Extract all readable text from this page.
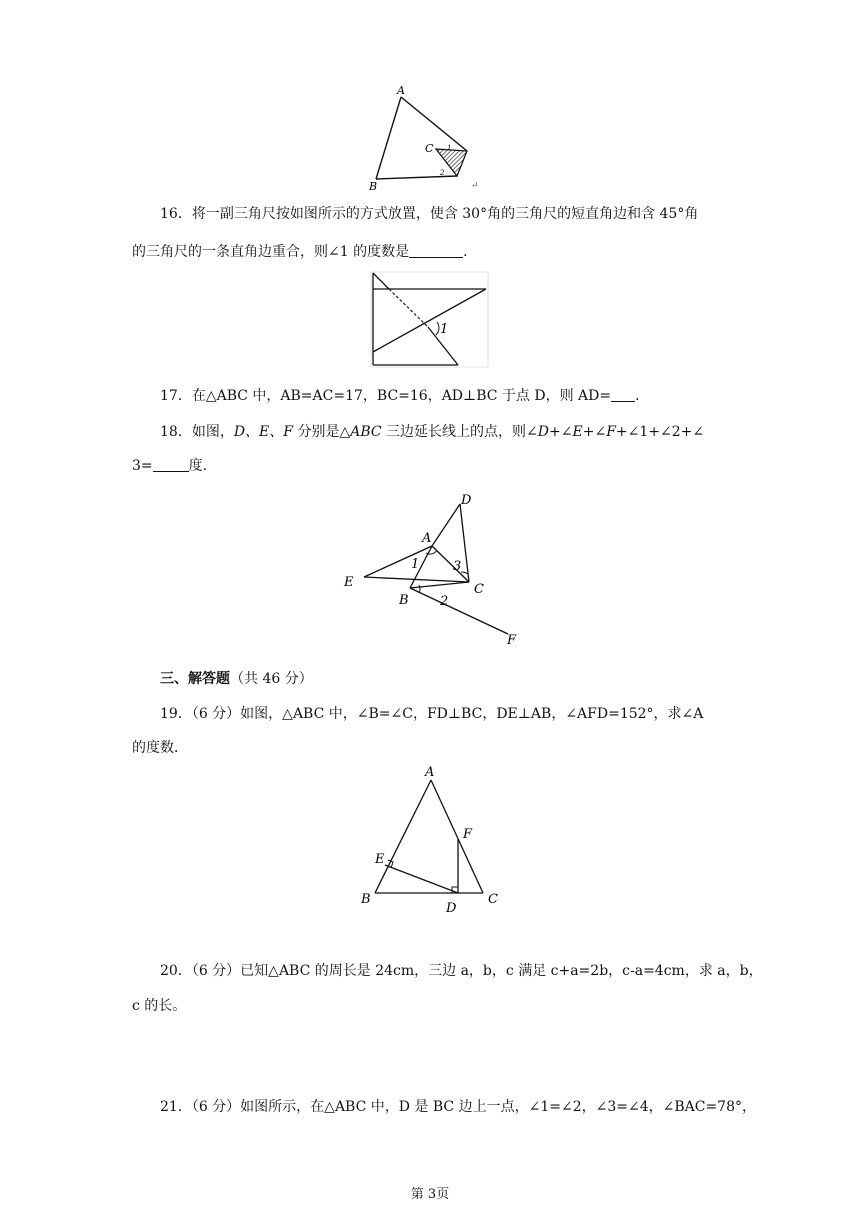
A
B
C 1
2
↵
16．将一副三角尺按如图所示的方式放置，使含 30°角的三角尺的短直角边和含 45°角
的三角尺的一条直角边重合，则∠1 的度数是	．
1
17．在△ABC 中，AB=AC=17，BC=16，AD⊥BC 于点 D，则 AD= .
18．如图，D、E、F 分别是△ABC 三边延长线上的点，则∠D+∠E+∠F+∠1+∠2+∠
3=	度.
A
B
C
D
E
F
1
2
3
三、解答题（共 46 分）
19．（6 分）如图，△ABC 中，∠B=∠C，FD⊥BC，DE⊥AB，∠AFD=152°，求∠A
的度数．
A
B	C
D
E
F
20．（6 分）已知△ABC 的周长是 24cm，三边 a，b，c 满足 c+a=2b，c-a=4cm，求 a，b，
c 的长。
21．（6 分）如图所示，在△ABC 中，D 是 BC 边上一点，∠1=∠2，∠3=∠4，∠BAC=78°，
第 3页
